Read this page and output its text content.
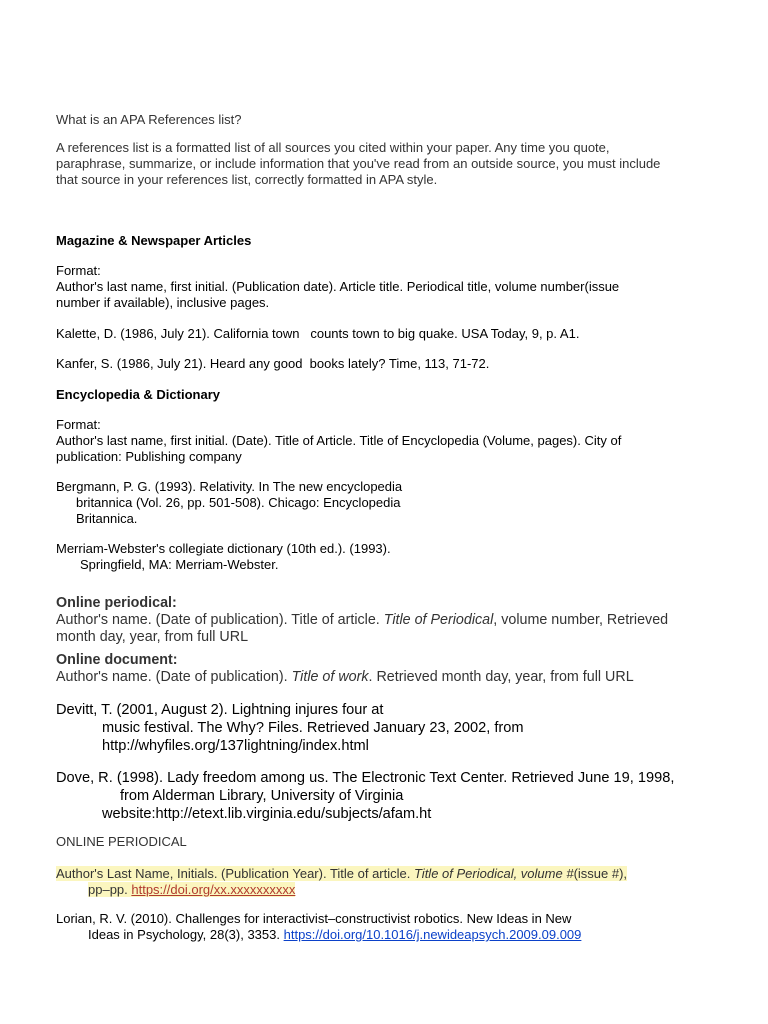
What is an APA References list?

A references list is a formatted list of all sources you cited within your paper. Any time you quote,
paraphrase, summarize, or include information that you've read from an outside source, you must include
that source in your references list, correctly formatted in APA style.

Magazine & Newspaper Articles

Format:
Author's last name, first initial. (Publication date). Article title. Periodical title, volume number(issue
number if available), inclusive pages.

Kalette, D. (1986, July 21). California town   counts town to big quake. USA Today, 9, p. A1.

Kanfer, S. (1986, July 21). Heard any good  books lately? Time, 113, 71-72.

Encyclopedia & Dictionary

Format:
Author's last name, first initial. (Date). Title of Article. Title of Encyclopedia (Volume, pages). City of
publication: Publishing company

Bergmann, P. G. (1993). Relativity. In The new encyclopedia
britannica (Vol. 26, pp. 501-508). Chicago: Encyclopedia
Britannica.

Merriam-Webster's collegiate dictionary (10th ed.). (1993).
Springfield, MA: Merriam-Webster.

Online periodical:

Author's name. (Date of publication). Title of article. Title of Periodical, volume number, Retrieved
month day, year, from full URL

Online document:

Author's name. (Date of publication). Title of work. Retrieved month day, year, from full URL

Devitt, T. (2001, August 2). Lightning injures four at
music festival. The Why? Files. Retrieved January 23, 2002, from
http://whyfiles.org/137lightning/index.html

Dove, R. (1998). Lady freedom among us. The Electronic Text Center. Retrieved June 19, 1998,
from Alderman Library, University of Virginia
website:http://etext.lib.virginia.edu/subjects/afam.ht

ONLINE PERIODICAL

Author's Last Name, Initials. (Publication Year). Title of article. Title of Periodical, volume #(issue #),
pp–pp. https://doi.org/xx.xxxxxxxxxx

Lorian, R. V. (2010). Challenges for interactivist–constructivist robotics. New Ideas in New
Ideas in Psychology, 28(3), 3353. https://doi.org/10.1016/j.newideapsych.2009.09.009
